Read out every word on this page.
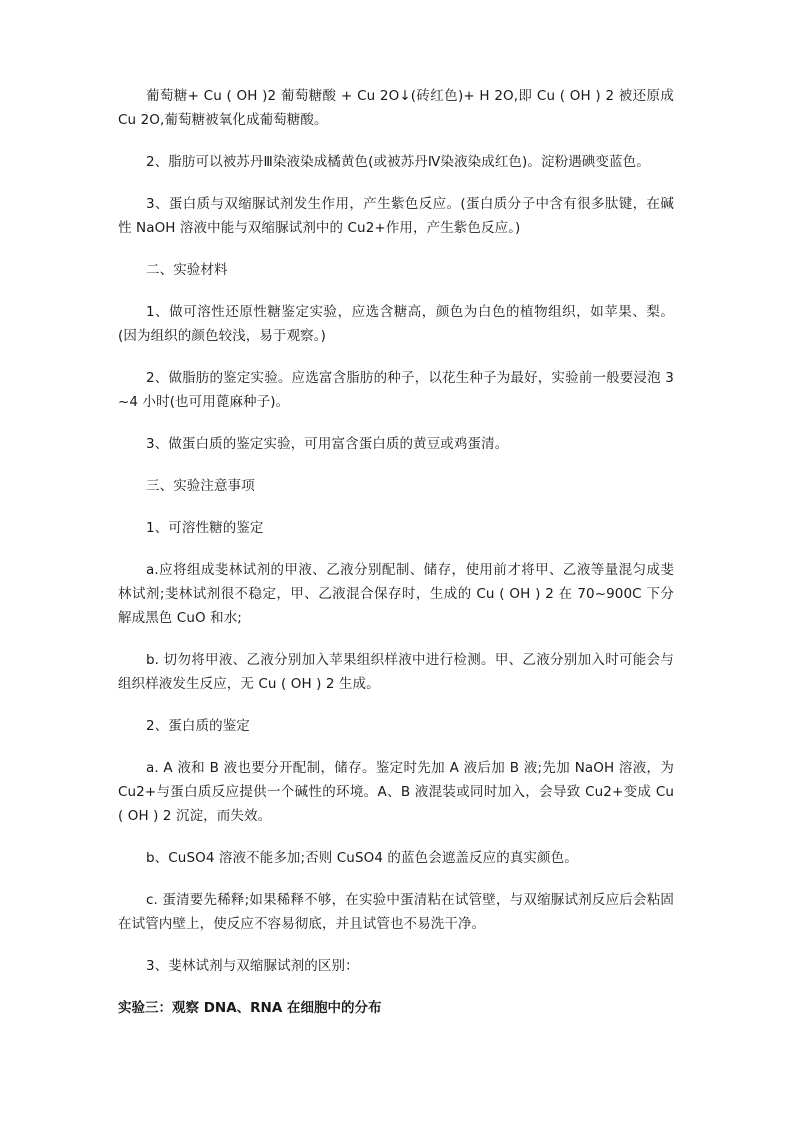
葡萄糖+ Cu ( OH )2 葡萄糖酸 + Cu 2O↓(砖红色)+ H 2O,即 Cu ( OH ) 2 被还原成 Cu 2O,葡萄糖被氧化成葡萄糖酸。

2、脂肪可以被苏丹Ⅲ染液染成橘黄色(或被苏丹Ⅳ染液染成红色)。淀粉遇碘变蓝色。

3、蛋白质与双缩脲试剂发生作用，产生紫色反应。(蛋白质分子中含有很多肽键，在碱性 NaOH 溶液中能与双缩脲试剂中的 Cu2+作用，产生紫色反应。)

二、实验材料

1、做可溶性还原性糖鉴定实验，应选含糖高，颜色为白色的植物组织，如苹果、梨。(因为组织的颜色较浅，易于观察。)

2、做脂肪的鉴定实验。应选富含脂肪的种子，以花生种子为最好，实验前一般要浸泡 3~4 小时(也可用蓖麻种子)。

3、做蛋白质的鉴定实验，可用富含蛋白质的黄豆或鸡蛋清。

三、实验注意事项

1、可溶性糖的鉴定

a.应将组成斐林试剂的甲液、乙液分别配制、储存，使用前才将甲、乙液等量混匀成斐林试剂;斐林试剂很不稳定，甲、乙液混合保存时，生成的 Cu ( OH ) 2 在 70~900C 下分解成黑色 CuO 和水;

b. 切勿将甲液、乙液分别加入苹果组织样液中进行检测。甲、乙液分别加入时可能会与组织样液发生反应，无 Cu ( OH ) 2 生成。

2、蛋白质的鉴定

a. A 液和 B 液也要分开配制，储存。鉴定时先加 A 液后加 B 液;先加 NaOH 溶液，为 Cu2+与蛋白质反应提供一个碱性的环境。A、B 液混装或同时加入，会导致 Cu2+变成 Cu ( OH ) 2 沉淀，而失效。

b、CuSO4 溶液不能多加;否则 CuSO4 的蓝色会遮盖反应的真实颜色。

c. 蛋清要先稀释;如果稀释不够，在实验中蛋清粘在试管壁，与双缩脲试剂反应后会粘固在试管内壁上，使反应不容易彻底，并且试管也不易洗干净。

3、斐林试剂与双缩脲试剂的区别：

实验三：观察 DNA、RNA 在细胞中的分布
